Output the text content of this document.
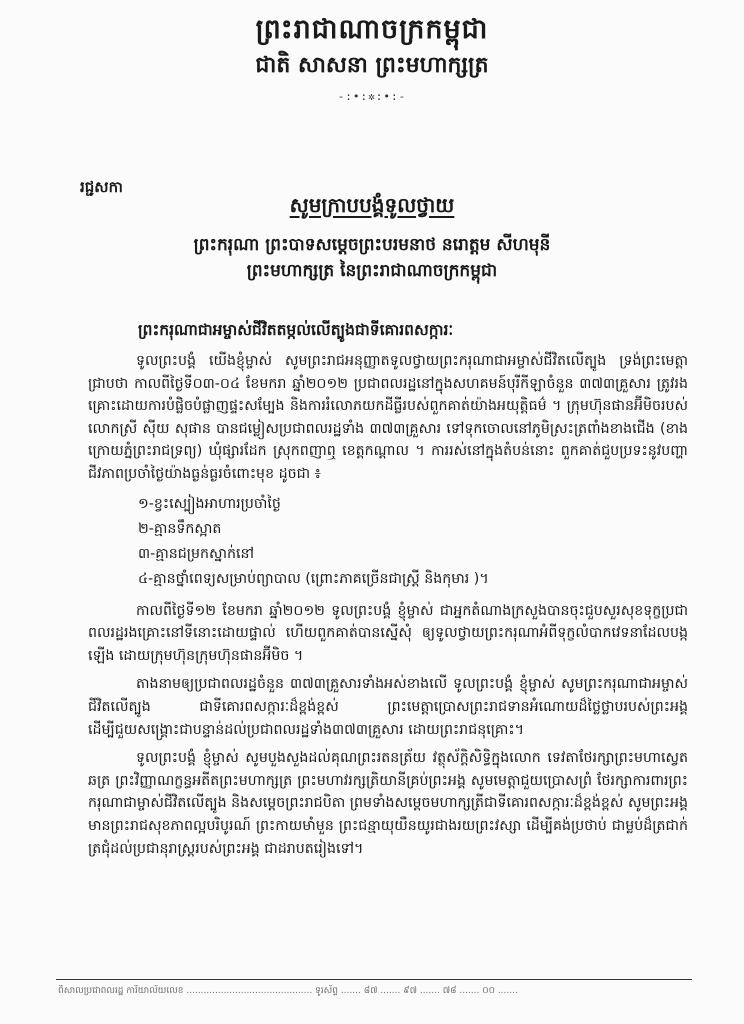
ព្រះរាជាណាចក្រកម្ពុជា
ជាតិ សាសនា ព្រះមហាក្សត្រ
-:•:✲:•:-
រជ្ជសកា
សូមក្រាបបង្គំទូលថ្វាយ
ព្រះករុណា ព្រះបាទសម្ដេចព្រះបរមនាថ នរោត្តម សីហមុនី
ព្រះមហាក្សត្រ នៃព្រះរាជាណាចក្រកម្ពុជា
ព្រះករុណាជាអម្ចាស់ជីវិតតម្កល់លើត្បូងជាទីគោរពសក្ការៈ

ទូលព្រះបង្គំ យើងខ្ញុំម្ចាស់ សូមព្រះរាជអនុញ្ញាតទូលថ្វាយព្រះករុណាជាអម្ចាស់ជីវិតលើត្បូង ទ្រង់ព្រះមេត្តាជ្រាបថា កាលពីថ្ងៃទី០៣-០៤ ខែមករា ឆ្នាំ២០១២ ប្រជាពលរដ្ឋនៅក្នុងសហគមន៍បុរីកីឡាចំនួន ៣៧៣គ្រួសារ ត្រូវរងគ្រោះដោយការបំផ្លិចបំផ្លាញផ្ទះសម្បែង និងការរំលោភយកដីធ្លីរបស់ពួកគាត់យ៉ាងអយុត្តិធម៌ ។ ក្រុមហ៊ុនផានអ៊ីមិចរបស់លោកស្រី ស៊ីយ សុផាន បានជម្លៀសប្រជាពលរដ្ឋទាំង ៣៧៣គ្រួសារ ទៅទុកចោលនៅភូមិស្រះត្រពាំងខាងជើង (ខាងក្រោយភ្នំព្រះរាជទ្រព្យ) ឃុំផ្សារដែក ស្រុកពញាឮ ខេត្តកណ្ដាល ។ ការរស់នៅក្នុងតំបន់នោះ ពួកគាត់ជួបប្រទះនូវបញ្ហាជីវភាពប្រចាំថ្ងៃយ៉ាងធ្ងន់ធ្ងរចំពោះមុខ ដូចជា ៖

១-ខ្វះស្បៀងអាហារប្រចាំថ្ងៃ
២-គ្មានទឹកស្អាត
៣-គ្មានជម្រកស្នាក់នៅ
៤-គ្មានថ្នាំពេទ្យសម្រាប់ព្យាបាល (ព្រោះភាគច្រើនជាស្ត្រី និងកុមារ )។

កាលពីថ្ងៃទី១២ ខែមករា ឆ្នាំ២០១២ ទូលព្រះបង្គំ ខ្ញុំម្ចាស់ ជាអ្នកតំណាងក្រសួងបានចុះជួបសួរសុខទុក្ខប្រជាពលរដ្ឋរងគ្រោះនៅទីនោះដោយផ្ទាល់ ហើយពួកគាត់បានស្នើសុំ ឲ្យទូលថ្វាយព្រះករុណាអំពីទុក្ខលំបាកវេទនាដែលបង្កឡើង ដោយក្រុមហ៊ុនក្រុមហ៊ុនផានអ៊ីមិច ។

តាងនាមឲ្យប្រជាពលរដ្ឋចំនួន ៣៧៣គ្រួសារទាំងអស់ខាងលើ ទូលព្រះបង្គំ ខ្ញុំម្ចាស់ សូមព្រះករុណាជាអម្ចាស់ជីវិតលើត្បូង ជាទីគោរពសក្ការៈដ៏ខ្ពង់ខ្ពស់ ព្រះមេត្តាប្រោសព្រះរាជទានអំណោយដ៏ថ្លៃថ្លាបរបស់ព្រះអង្គ ដើម្បីជួយសង្គ្រោះជាបន្ទាន់ដល់ប្រជាពលរដ្ឋទាំង៣៧៣គ្រួសារ ដោយព្រះរាជនុគ្រោះ។

ទូលព្រះបង្គំ ខ្ញុំម្ចាស់ សូមបួងសួងដល់គុណព្រះរតនត្រ័យ វត្ថុស័ក្ដិសិទ្ធិក្នុងលោក ទេវតាថែរក្សាព្រះមហាស្វេតឆត្រ ព្រះវិញ្ញាណក្ខន្ធអតីតព្រះមហាក្សត្រ ព្រះមហាវរក្សត្រិយានីគ្រប់ព្រះអង្គ សូមមេត្តាជួយប្រោសព្រំ ថែរក្សាការពារព្រះករុណាជាម្ចាស់ជីវិតលើត្បូង និងសម្ដេចព្រះរាជបិតា ព្រមទាំងសម្ដេចមហាក្សត្រីជាទីគោរពសក្ការៈដ៏ខ្ពង់ខ្ពស់ សូមព្រះអង្គមានព្រះរាជសុខភាពល្អបរិបូរណ៍ ព្រះកាយមាំមួន ព្រះជន្មាយុយឺនយូរជាងរយព្រះវស្សា ដើម្បីគង់ប្រថាប់ ជាម្លប់ដ៏ត្រជាក់ត្រជុំដល់ប្រជានុរាស្ត្ររបស់ព្រះអង្គ ជាដរាបតរៀងទៅ។

ពិសាលប្រជាពលរដ្ឋ ការិយាល័យលេខ ............................................ ទូរស័ព្ទ ....... ៨៧ ....... ៩៧ ....... ៧៨ ....... ០០ .......
